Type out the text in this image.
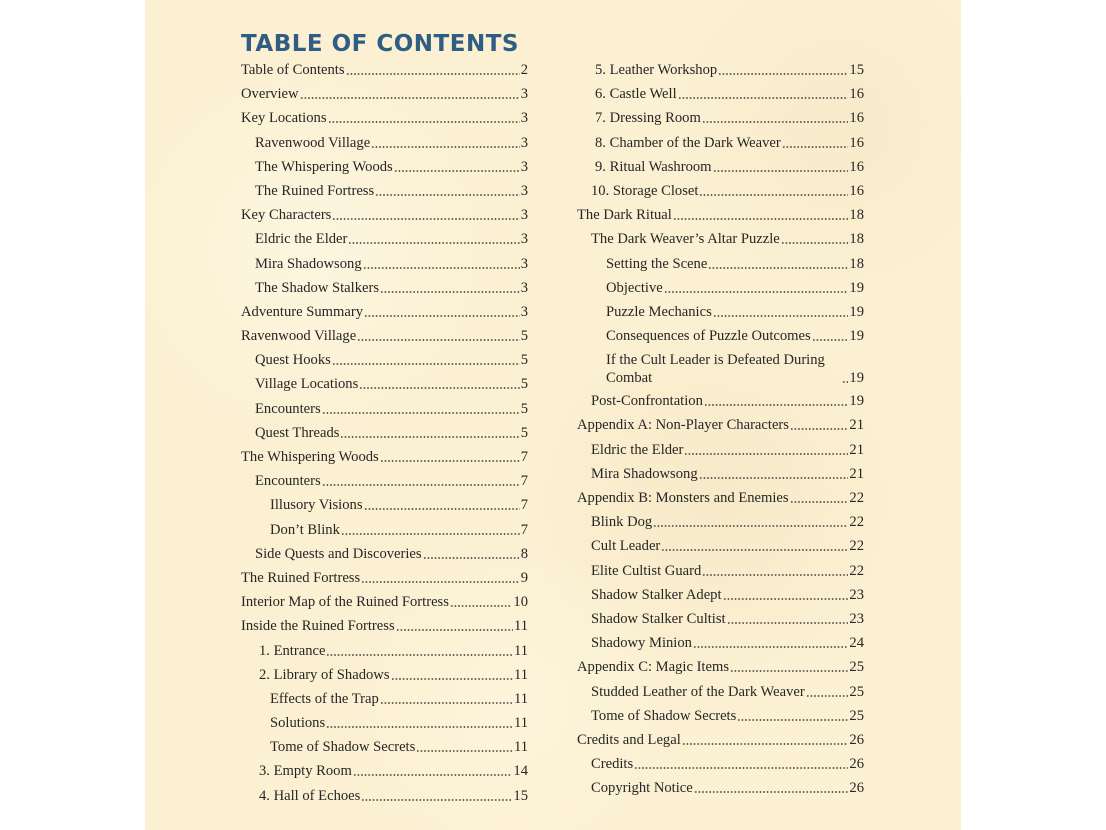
TABLE OF CONTENTS
Table of Contents	2
Overview	3
Key Locations	3
Ravenwood Village	3
The Whispering Woods	3
The Ruined Fortress	3
Key Characters	3
Eldric the Elder	3
Mira Shadowsong	3
The Shadow Stalkers	3
Adventure Summary	3
Ravenwood Village	5
Quest Hooks	5
Village Locations	5
Encounters	5
Quest Threads	5
The Whispering Woods	7
Encounters	7
Illusory Visions	7
Don’t Blink	7
Side Quests and Discoveries	8
The Ruined Fortress	9
Interior Map of the Ruined Fortress	10
Inside the Ruined Fortress	11
1. Entrance	11
2. Library of Shadows	11
Effects of the Trap	11
Solutions	11
Tome of Shadow Secrets	11
3. Empty Room	14
4. Hall of Echoes	15
5. Leather Workshop	15
6. Castle Well	16
7. Dressing Room	16
8. Chamber of the Dark Weaver	16
9. Ritual Washroom	16
10. Storage Closet	16
The Dark Ritual	18
The Dark Weaver’s Altar Puzzle	18
Setting the Scene	18
Objective	19
Puzzle Mechanics	19
Consequences of Puzzle Outcomes	19
If the Cult Leader is Defeated During Combat	19
Post-Confrontation	19
Appendix A: Non-Player Characters	21
Eldric the Elder	21
Mira Shadowsong	21
Appendix B: Monsters and Enemies	22
Blink Dog	22
Cult Leader	22
Elite Cultist Guard	22
Shadow Stalker Adept	23
Shadow Stalker Cultist	23
Shadowy Minion	24
Appendix C: Magic Items	25
Studded Leather of the Dark Weaver	25
Tome of Shadow Secrets	25
Credits and Legal	26
Credits	26
Copyright Notice	26
